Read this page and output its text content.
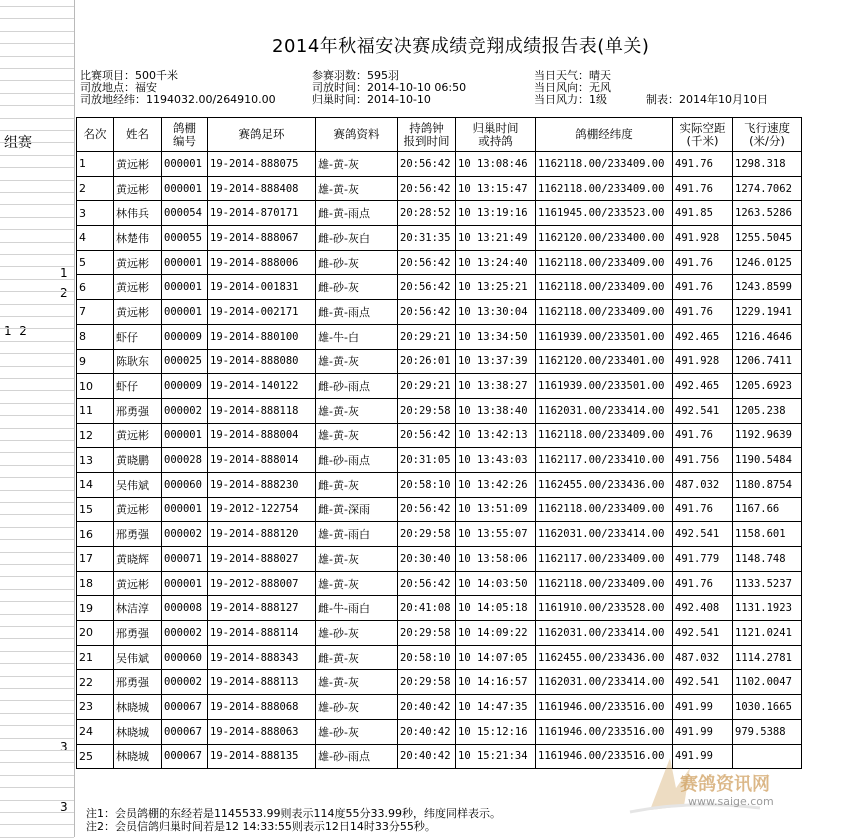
组赛
1
2
1  2
3
3
2014年秋福安决赛成绩竞翔成绩报告表(单关)
比赛项目：500千米
司放地点：福安
司放地经纬：1194032.00/264910.00
参赛羽数：595羽
司放时间：2014-10-10 06:50
归巢时间：2014-10-10
当日天气：晴天
当日风向：无风
当日风力：1级	制表：2014年10月10日
名次	姓名	鸽棚
编号	赛鸽足环	赛鸽资料	持鸽钟
报到时间	归巢时间
或持鸽	鸽棚经纬度	实际空距
(千米)	飞行速度
(米/分)
1	黄远彬	000001	19-2014-888075	雄-黄-灰	20:56:42	10 13:08:46	1162118.00/233409.00	491.76	1298.318
2	黄远彬	000001	19-2014-888408	雄-黄-灰	20:56:42	10 13:15:47	1162118.00/233409.00	491.76	1274.7062
3	林伟兵	000054	19-2014-870171	雌-黄-雨点	20:28:52	10 13:19:16	1161945.00/233523.00	491.85	1263.5286
4	林楚伟	000055	19-2014-888067	雌-砂-灰白	20:31:35	10 13:21:49	1162120.00/233400.00	491.928	1255.5045
5	黄远彬	000001	19-2014-888006	雌-砂-灰	20:56:42	10 13:24:40	1162118.00/233409.00	491.76	1246.0125
6	黄远彬	000001	19-2014-001831	雌-砂-灰	20:56:42	10 13:25:21	1162118.00/233409.00	491.76	1243.8599
7	黄远彬	000001	19-2014-002171	雌-黄-雨点	20:56:42	10 13:30:04	1162118.00/233409.00	491.76	1229.1941
8	虾仔	000009	19-2014-880100	雄-牛-白	20:29:21	10 13:34:50	1161939.00/233501.00	492.465	1216.4646
9	陈耿东	000025	19-2014-888080	雄-黄-灰	20:26:01	10 13:37:39	1162120.00/233401.00	491.928	1206.7411
10	虾仔	000009	19-2014-140122	雌-砂-雨点	20:29:21	10 13:38:27	1161939.00/233501.00	492.465	1205.6923
11	邢勇强	000002	19-2014-888118	雄-黄-灰	20:29:58	10 13:38:40	1162031.00/233414.00	492.541	1205.238
12	黄远彬	000001	19-2014-888004	雄-黄-灰	20:56:42	10 13:42:13	1162118.00/233409.00	491.76	1192.9639
13	黄晓鹏	000028	19-2014-888014	雌-砂-雨点	20:31:05	10 13:43:03	1162117.00/233410.00	491.756	1190.5484
14	吴伟斌	000060	19-2014-888230	雌-黄-灰	20:58:10	10 13:42:26	1162455.00/233436.00	487.032	1180.8754
15	黄远彬	000001	19-2012-122754	雌-黄-深雨	20:56:42	10 13:51:09	1162118.00/233409.00	491.76	1167.66
16	邢勇强	000002	19-2014-888120	雄-黄-雨白	20:29:58	10 13:55:07	1162031.00/233414.00	492.541	1158.601
17	黄晓辉	000071	19-2014-888027	雄-黄-灰	20:30:40	10 13:58:06	1162117.00/233409.00	491.779	1148.748
18	黄远彬	000001	19-2012-888007	雄-黄-灰	20:56:42	10 14:03:50	1162118.00/233409.00	491.76	1133.5237
19	林洁淳	000008	19-2014-888127	雌-牛-雨白	20:41:08	10 14:05:18	1161910.00/233528.00	492.408	1131.1923
20	邢勇强	000002	19-2014-888114	雄-砂-灰	20:29:58	10 14:09:22	1162031.00/233414.00	492.541	1121.0241
21	吴伟斌	000060	19-2014-888343	雌-黄-灰	20:58:10	10 14:07:05	1162455.00/233436.00	487.032	1114.2781
22	邢勇强	000002	19-2014-888113	雄-黄-灰	20:29:58	10 14:16:57	1162031.00/233414.00	492.541	1102.0047
23	林晓城	000067	19-2014-888068	雄-砂-灰	20:40:42	10 14:47:35	1161946.00/233516.00	491.99	1030.1665
24	林晓城	000067	19-2014-888063	雄-砂-灰	20:40:42	10 15:12:16	1161946.00/233516.00	491.99	979.5388
25	林晓城	000067	19-2014-888135	雄-砂-雨点	20:40:42	10 15:21:34	1161946.00/233516.00	491.99	
注1：会员鸽棚的东经若是1145533.99则表示114度55分33.99秒，纬度同样表示。
注2：会员信鸽归巢时间若是12 14:33:55则表示12日14时33分55秒。
赛鸽资讯网
www.saige.com
